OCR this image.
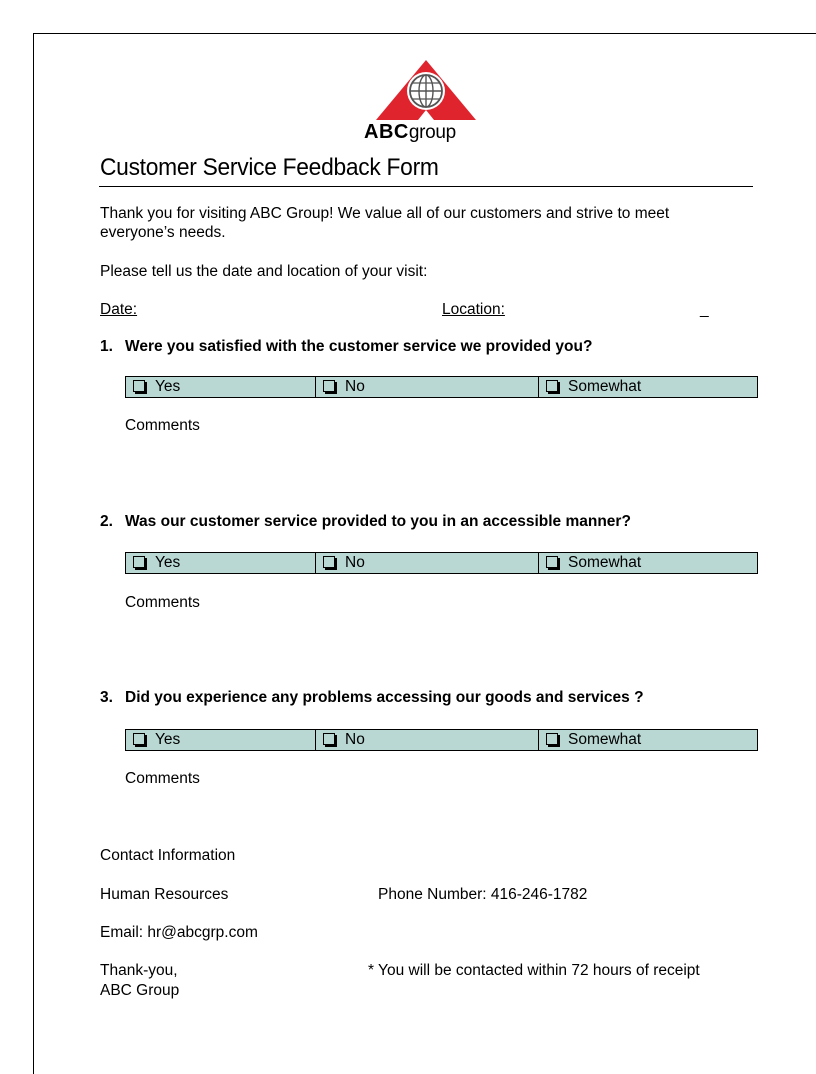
ABCgroup
Customer Service Feedback Form
Thank you for visiting ABC Group! We value all of our customers and strive to meet
everyone’s needs.
Please tell us the date and location of your visit:
Date:	Location:	_
1. Were you satisfied with the customer service we provided you?
Yes	No	Somewhat
Comments
2. Was our customer service provided to you in an accessible manner?
Yes	No	Somewhat
Comments
3. Did you experience any problems accessing our goods and services ?
Yes	No	Somewhat
Comments
Contact Information
Human Resources	Phone Number: 416-246-1782
Email: hr@abcgrp.com
Thank-you,
ABC Group
* You will be contacted within 72 hours of receipt
